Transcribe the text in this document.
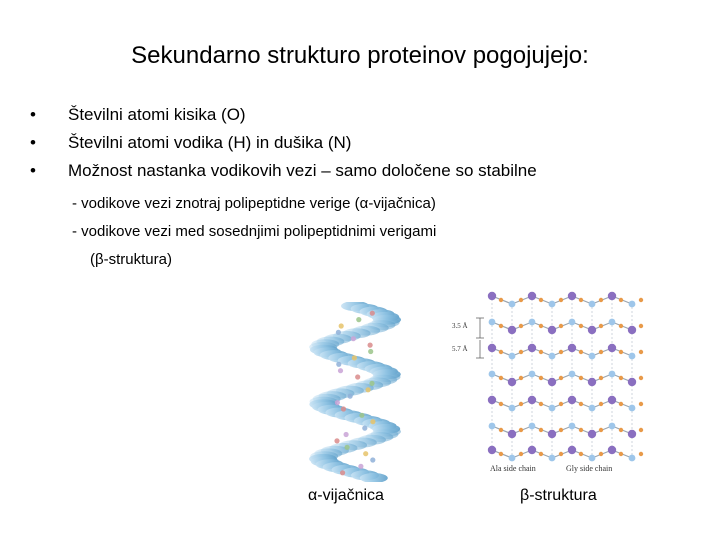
Sekundarno strukturo proteinov pogojujejo:
•	Številni atomi kisika (O)
•	Številni atomi vodika (H) in dušika (N)
•	Možnost nastanka vodikovih vezi – samo določene so stabilne
- vodikove vezi znotraj polipeptidne verige (α-vijačnica)
- vodikove vezi med sosednjimi polipeptidnimi verigami
(β-struktura)
α-vijačnica
3.5 Å
5.7 Å
Ala side chain	Gly side chain
β-struktura
